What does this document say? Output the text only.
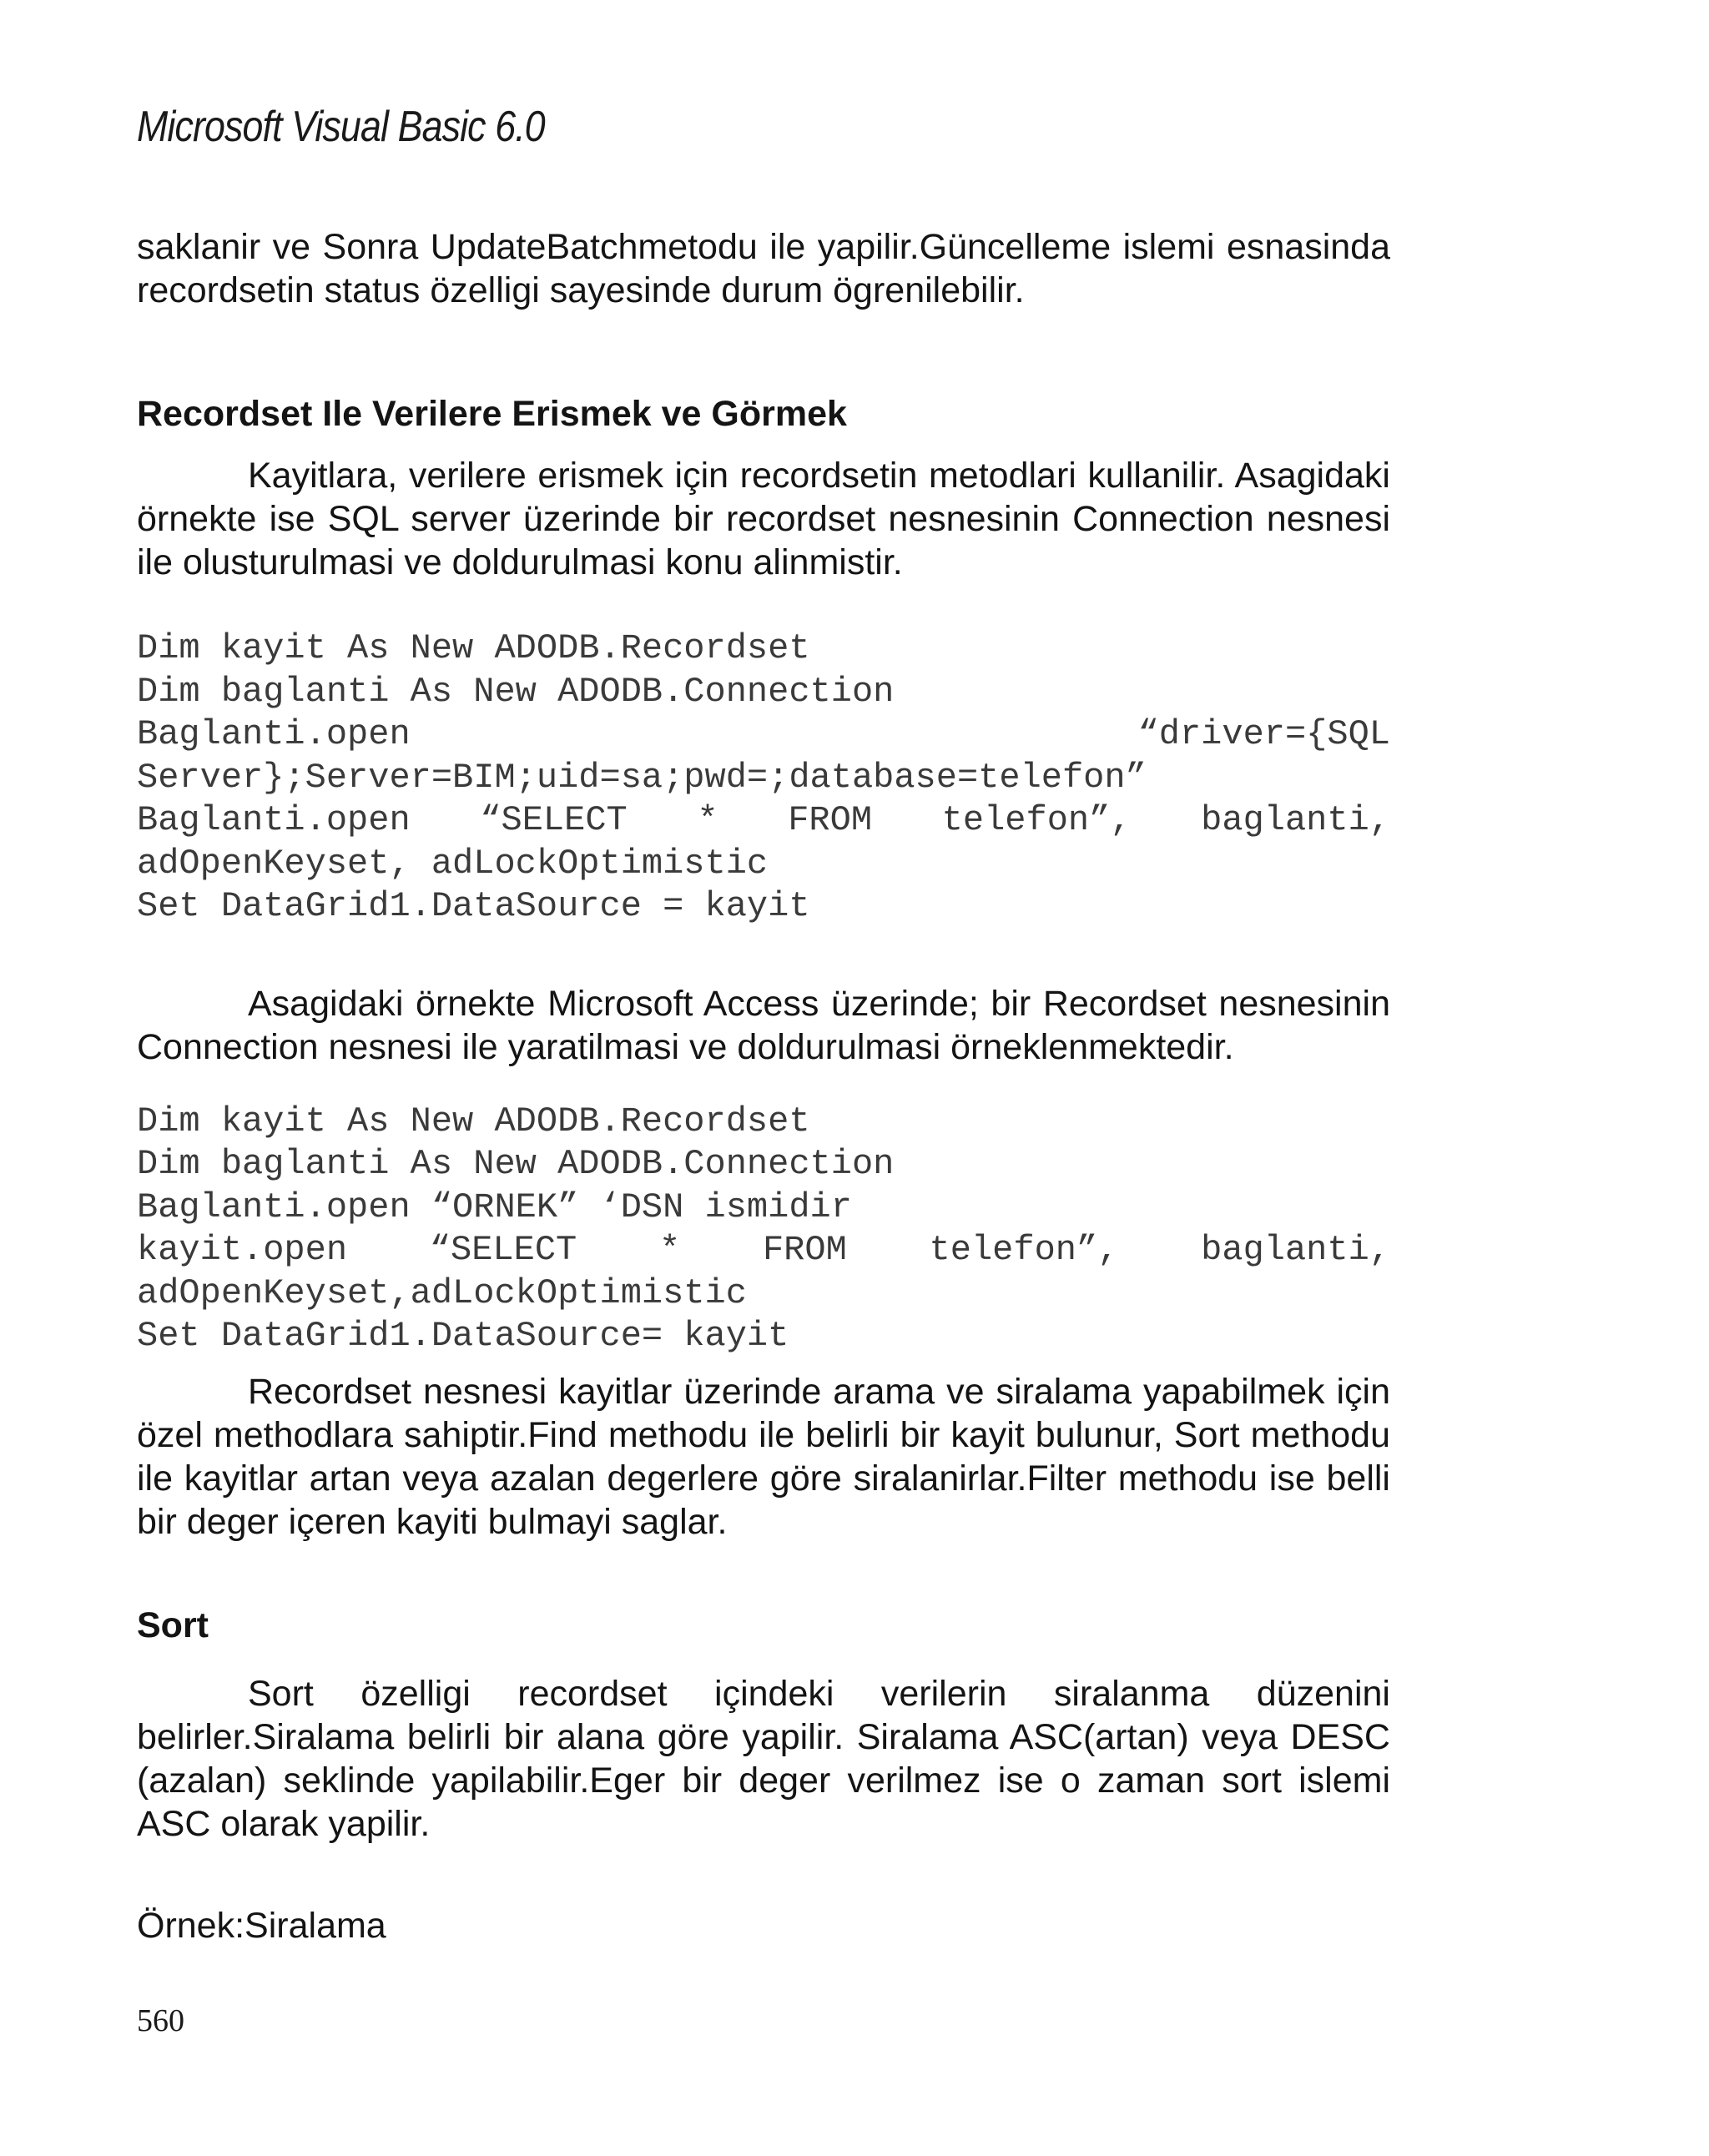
Microsoft Visual Basic 6.0

saklanir ve Sonra UpdateBatchmetodu ile yapilir.Güncelleme islemi esnasinda recordsetin status özelligi sayesinde durum ögrenilebilir.

Recordset Ile Verilere Erismek ve Görmek

Kayitlara, verilere erismek için recordsetin metodlari kullanilir. Asagidaki örnekte ise SQL server üzerinde bir recordset nesnesinin Connection nesnesi ile olusturulmasi ve doldurulmasi konu alinmistir.

Dim kayit As New ADODB.Recordset
Dim baglanti As New ADODB.Connection
Baglanti.open “driver={SQL
Server};Server=BIM;uid=sa;pwd=;database=telefon”
Baglanti.open “SELECT * FROM telefon”, baglanti,
adOpenKeyset, adLockOptimistic
Set DataGrid1.DataSource = kayit

Asagidaki örnekte Microsoft Access üzerinde; bir Recordset nesnesinin Connection nesnesi ile yaratilmasi ve doldurulmasi örneklenmektedir.

Dim kayit As New ADODB.Recordset
Dim baglanti As New ADODB.Connection
Baglanti.open “ORNEK” ‘DSN ismidir
kayit.open “SELECT * FROM telefon”, baglanti,
adOpenKeyset,adLockOptimistic
Set DataGrid1.DataSource= kayit

Recordset nesnesi kayitlar üzerinde arama ve siralama yapabilmek için özel methodlara sahiptir.Find methodu ile belirli bir kayit bulunur, Sort methodu ile kayitlar artan veya azalan degerlere göre siralanirlar.Filter methodu ise belli bir deger içeren kayiti bulmayi saglar.

Sort

Sort özelligi recordset içindeki verilerin siralanma düzenini belirler.Siralama belirli bir alana göre yapilir. Siralama ASC(artan) veya DESC (azalan) seklinde yapilabilir.Eger bir deger verilmez ise o zaman sort islemi ASC olarak yapilir.

Örnek:Siralama

560
